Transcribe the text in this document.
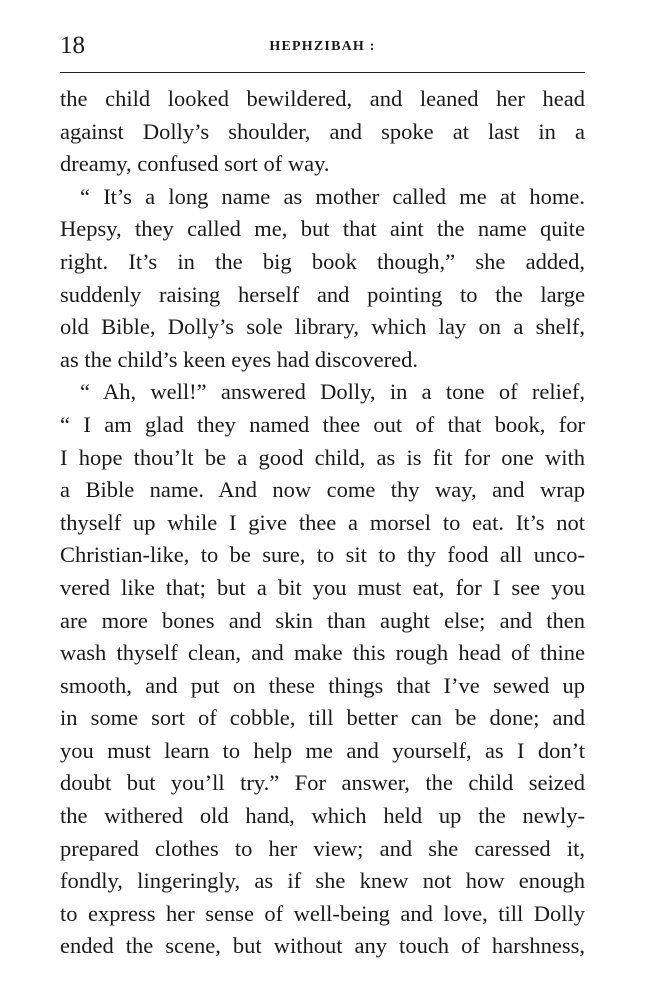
18	HEPHZIBAH :
the child looked bewildered, and leaned her head
against Dolly’s shoulder, and spoke at last in a
dreamy, confused sort of way.
“ It’s a long name as mother called me at home.
Hepsy, they called me, but that aint the name quite
right. It’s in the big book though,” she added,
suddenly raising herself and pointing to the large
old Bible, Dolly’s sole library, which lay on a shelf,
as the child’s keen eyes had discovered.
“ Ah, well!” answered Dolly, in a tone of relief,
“ I am glad they named thee out of that book, for
I hope thou’lt be a good child, as is fit for one with
a Bible name. And now come thy way, and wrap
thyself up while I give thee a morsel to eat. It’s not
Christian-like, to be sure, to sit to thy food all unco-
vered like that; but a bit you must eat, for I see you
are more bones and skin than aught else; and then
wash thyself clean, and make this rough head of thine
smooth, and put on these things that I’ve sewed up
in some sort of cobble, till better can be done; and
you must learn to help me and yourself, as I don’t
doubt but you’ll try.” For answer, the child seized
the withered old hand, which held up the newly-
prepared clothes to her view; and she caressed it,
fondly, lingeringly, as if she knew not how enough
to express her sense of well-being and love, till Dolly
ended the scene, but without any touch of harshness,
